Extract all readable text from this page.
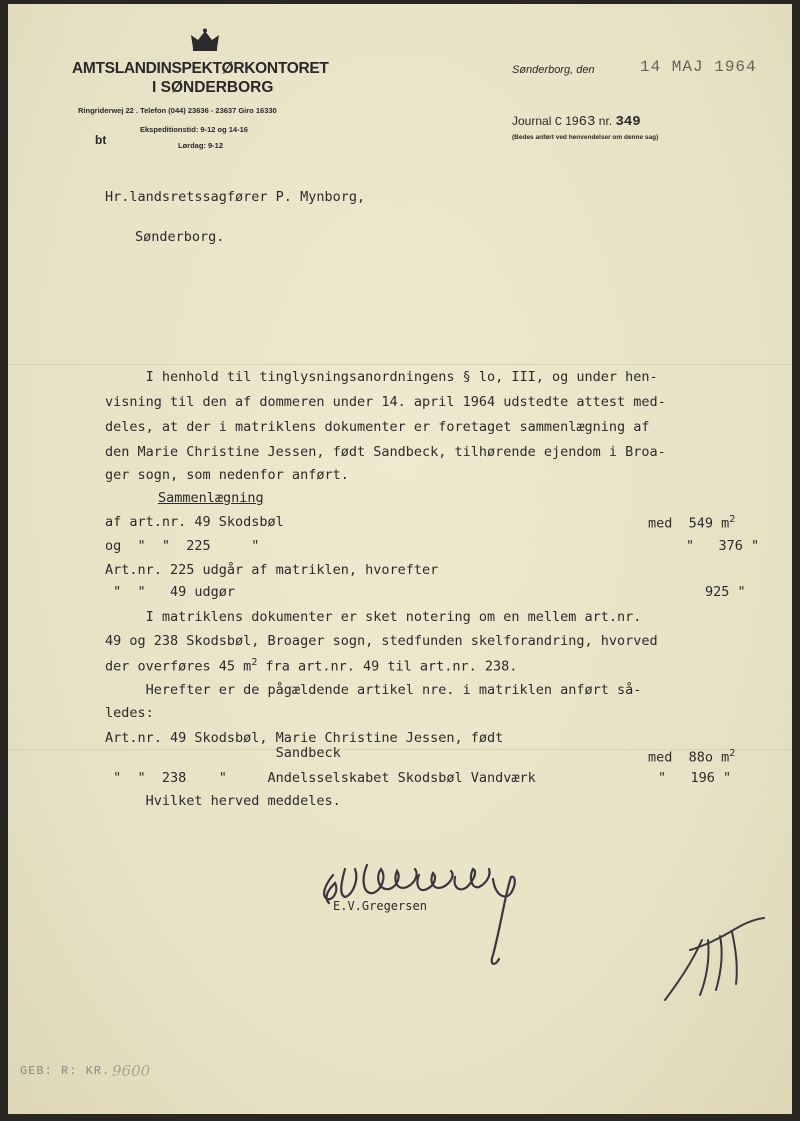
AMTSLANDINSPEKTØRKONTORET
I SØNDERBORG
Ringriderwej 22 . Telefon (044) 23636 - 23637 Giro 16330
Ekspeditionstid: 9-12 og 14-16
Lørdag: 9-12
bt
Sønderborg, den	14 MAJ 1964
Journal C 1963 nr. 349
(Bedes anført ved henvendelser om denne sag)
Hr.landsretssagfører P. Mynborg,
Sønderborg.
I henhold til tinglysningsanordningens § lo, III, og under hen-
visning til den af dommeren under 14. april 1964 udstedte attest med-
deles, at der i matriklens dokumenter er foretaget sammenlægning af
den Marie Christine Jessen, født Sandbeck, tilhørende ejendom i Broa-
ger sogn, som nedenfor anført.
Sammenlægning
af art.nr. 49 Skodsbøl	med  549 $m^2$
og  "  "  225     "	"   376 "
Art.nr. 225 udgår af matriklen, hvorefter
"  "   49 udgør	925 "
I matriklens dokumenter er sket notering om en mellem art.nr.
49 og 238 Skodsbøl, Broager sogn, stedfunden skelforandring, hvorved
der overføres 45 $m^2$ fra art.nr. 49 til art.nr. 238.
Herefter er de pågældende artikel nre. i matriklen anført så-
ledes:
Art.nr. 49 Skodsbøl, Marie Christine Jessen, født
Sandbeck	med  88o $m^2$
"  "  238    "     Andelsselskabet Skodsbøl Vandværk	"   196 "
Hvilket herved meddeles.
E.V.Gregersen
GEB: R: KR. 9600
